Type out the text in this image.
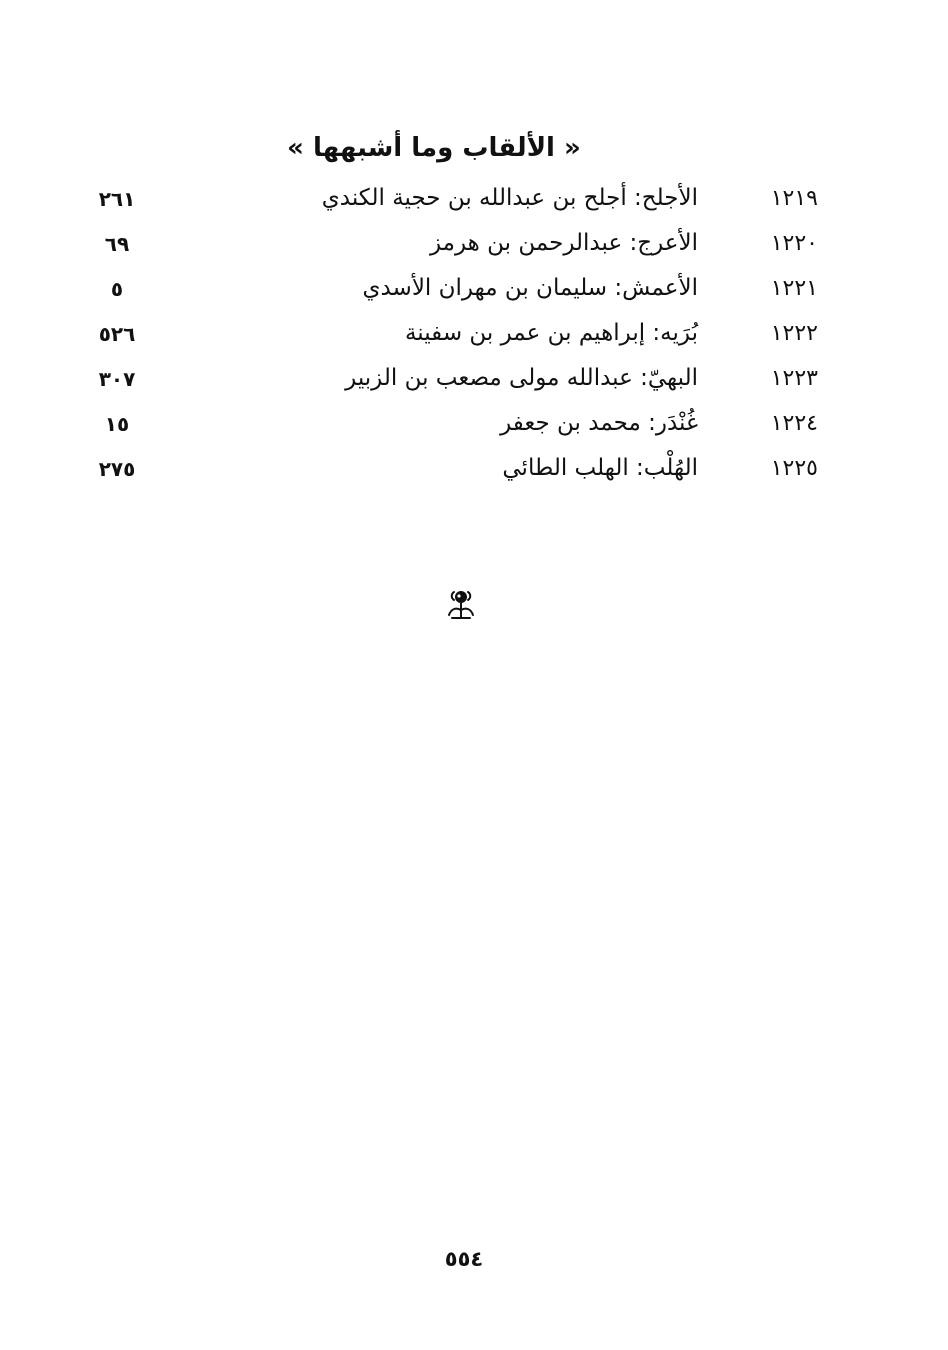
« الألقاب وما أشبهها »
١٢١٩
الأجلح: أجلح بن عبدالله بن حجية الكندي
٢٦١
١٢٢٠
الأعرج: عبدالرحمن بن هرمز
٦٩
١٢٢١
الأعمش: سليمان بن مهران الأسدي
٥
١٢٢٢
بُرَيه: إبراهيم بن عمر بن سفينة
٥٢٦
١٢٢٣
البهيّ: عبدالله مولى مصعب بن الزبير
٣٠٧
١٢٢٤
غُنْدَر: محمد بن جعفر
١٥
١٢٢٥
الهُلْب: الهلب الطائي
٢٧٥
٥٥٤
